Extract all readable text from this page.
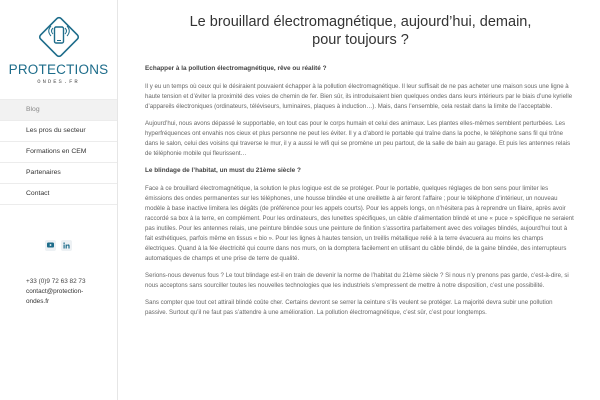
PROTECTIONS
ONDES.FR
Blog
Les pros du secteur
Formations en CEM
Partenaires
Contact
+33 (0)9 72 63 82 73
contact@protection-
ondes.fr
Le brouillard électromagnétique, aujourd’hui, demain,
pour toujours ?
Echapper à la pollution électromagnétique, rêve ou réalité ?

Il y eu un temps où ceux qui le désiraient pouvaient échapper à la pollution électromagnétique. Il leur suffisait de ne pas acheter une maison sous une ligne à haute tension et d’éviter la proximité des voies de chemin de fer. Bien sûr, ils introduisaient bien quelques ondes dans leurs intérieurs par le biais d’une kyrielle d’appareils électroniques (ordinateurs, téléviseurs, luminaires, plaques à induction…). Mais, dans l’ensemble, cela restait dans la limite de l’acceptable.

Aujourd’hui, nous avons dépassé le supportable, en tout cas pour le corps humain et celui des animaux. Les plantes elles-mêmes semblent perturbées. Les hyperfréquences ont envahis nos cieux et plus personne ne peut les éviter. Il y a d’abord le portable qui traîne dans la poche, le téléphone sans fil qui trône dans le salon, celui des voisins qui traverse le mur, il y a aussi le wifi qui se promène un peu partout, de la salle de bain au garage. Et puis les antennes relais de téléphonie mobile qui fleurissent…

Le blindage de l’habitat, un must du 21ème siècle ?

Face à ce brouillard électromagnétique, la solution le plus logique est de se protéger. Pour le portable, quelques réglages de bon sens pour limiter les émissions des ondes permanentes sur les téléphones, une housse blindée et une oreillette à air feront l’affaire ; pour le téléphone d’intérieur, un nouveau modèle à base inactive limitera les dégâts (de préférence pour les appels courts). Pour les appels longs, on n’hésitera pas à reprendre un filaire, après avoir raccordé sa box à la terre, en complément. Pour les ordinateurs, des lunettes spécifiques, un câble d’alimentation blindé et une « puce » spécifique ne seraient pas inutiles. Pour les antennes relais, une peinture blindée sous une peinture de finition s’assortira parfaitement avec des voilages blindés, aujourd’hui tout à fait esthétiques, parfois même en tissus « bio ». Pour les lignes à hautes tension, un treillis métallique relié à la terre évacuera au moins les champs électriques. Quand à la fée électricité qui courre dans nos murs, on la domptera facilement en utilisant du câble blindé, de la gaine blindée, des interrupteurs automatiques de champs et une prise de terre de qualité.

Serions-nous devenus fous ? Le tout blindage est-il en train de devenir la norme de l’habitat du 21ème siècle ? Si nous n’y prenons pas garde, c’est-à-dire, si nous acceptons sans sourciller toutes les nouvelles technologies que les industriels s’empressent de mettre à notre disposition, c’est une possibilité.

Sans compter que tout cet attirail blindé coûte cher. Certains devront se serrer la ceinture s’ils veulent se protéger. La majorité devra subir une pollution passive. Surtout qu’il ne faut pas s’attendre à une amélioration. La pollution électromagnétique, c’est sûr, c’est pour longtemps.
